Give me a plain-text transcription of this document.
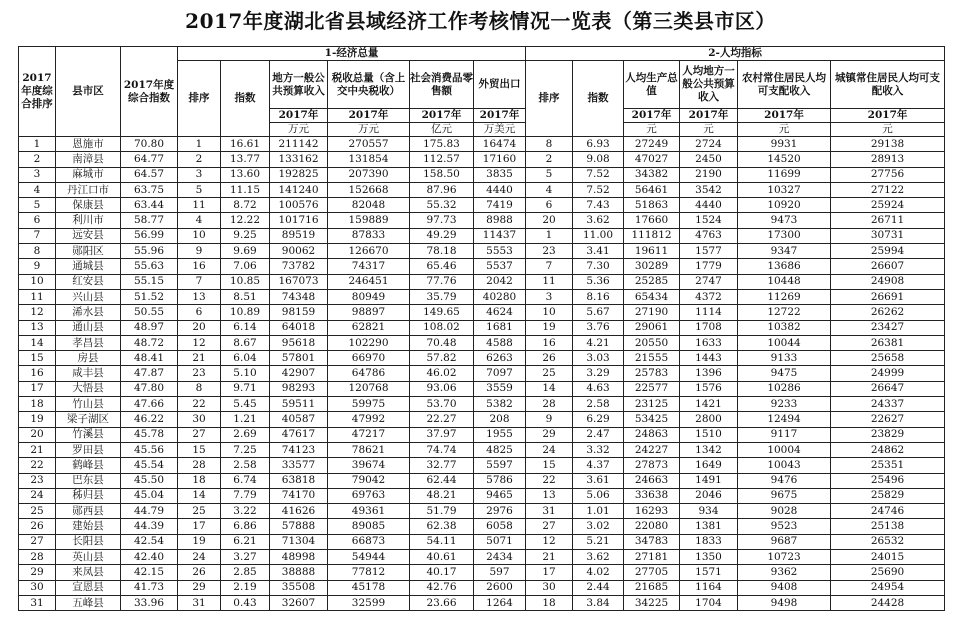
2017年度湖北省县域经济工作考核情况一览表（第三类县市区）
2017年度综合排序	县市区	2017年度综合指数	1-经济总量						2-人均指标					
			排序	指数	地方一般公共预算收入	税收总量（含上交中央税收）	社会消费品零售额	外贸出口	排序	指数	人均生产总值	人均地方一般公共预算收入	农村常住居民人均可支配收入	城镇常住居民人均可支配收入
					2017年	2017年	2017年	2017年			2017年	2017年	2017年	2017年
					万元	万元	亿元	万美元			元	元	元	元
1	恩施市	70.80	1	16.61	211142	270557	175.83	16474	8	6.93	27249	2724	9931	29138
2	南漳县	64.77	2	13.77	133162	131854	112.57	17160	2	9.08	47027	2450	14520	28913
3	麻城市	64.57	3	13.60	192825	207390	158.50	3835	5	7.52	34382	2190	11699	27756
4	丹江口市	63.75	5	11.15	141240	152668	87.96	4440	4	7.52	56461	3542	10327	27122
5	保康县	63.44	11	8.72	100576	82048	55.32	7419	6	7.43	51863	4440	10920	25924
6	利川市	58.77	4	12.22	101716	159889	97.73	8988	20	3.62	17660	1524	9473	26711
7	远安县	56.99	10	9.25	89519	87833	49.29	11437	1	11.00	111812	4763	17300	30731
8	郧阳区	55.96	9	9.69	90062	126670	78.18	5553	23	3.41	19611	1577	9347	25994
9	通城县	55.63	16	7.06	73782	74317	65.46	5537	7	7.30	30289	1779	13686	26607
10	红安县	55.15	7	10.85	167073	246451	77.76	2042	11	5.36	25285	2747	10448	24908
11	兴山县	51.52	13	8.51	74348	80949	35.79	40280	3	8.16	65434	4372	11269	26691
12	浠水县	50.55	6	10.89	98159	98897	149.65	4624	10	5.67	27190	1114	12722	26262
13	通山县	48.97	20	6.14	64018	62821	108.02	1681	19	3.76	29061	1708	10382	23427
14	孝昌县	48.72	12	8.67	95618	102290	70.48	4588	16	4.21	20550	1633	10044	26381
15	房县	48.41	21	6.04	57801	66970	57.82	6263	26	3.03	21555	1443	9133	25658
16	咸丰县	47.87	23	5.10	42907	64786	46.02	7097	25	3.29	25783	1396	9475	24999
17	大悟县	47.80	8	9.71	98293	120768	93.06	3559	14	4.63	22577	1576	10286	26647
18	竹山县	47.66	22	5.45	59511	59975	53.70	5382	28	2.58	23125	1421	9233	24337
19	梁子湖区	46.22	30	1.21	40587	47992	22.27	208	9	6.29	53425	2800	12494	22627
20	竹溪县	45.78	27	2.69	47617	47217	37.97	1955	29	2.47	24863	1510	9117	23829
21	罗田县	45.56	15	7.25	74123	78621	74.74	4825	24	3.32	24227	1342	10004	24862
22	鹤峰县	45.54	28	2.58	33577	39674	32.77	5597	15	4.37	27873	1649	10043	25351
23	巴东县	45.50	18	6.74	63818	79042	62.44	5786	22	3.61	24663	1491	9476	25496
24	秭归县	45.04	14	7.79	74170	69763	48.21	9465	13	5.06	33638	2046	9675	25829
25	郧西县	44.79	25	3.22	41626	49361	51.79	2976	31	1.01	16293	934	9028	24746
26	建始县	44.39	17	6.86	57888	89085	62.38	6058	27	3.02	22080	1381	9523	25138
27	长阳县	42.54	19	6.21	71304	66873	54.11	5071	12	5.21	34783	1833	9687	26532
28	英山县	42.40	24	3.27	48998	54944	40.61	2434	21	3.62	27181	1350	10723	24015
29	来凤县	42.15	26	2.85	38888	77812	40.17	597	17	4.02	27705	1571	9362	25690
30	宣恩县	41.73	29	2.19	35508	45178	42.76	2600	30	2.44	21685	1164	9408	24954
31	五峰县	33.96	31	0.43	32607	32599	23.66	1264	18	3.84	34225	1704	9498	24428
